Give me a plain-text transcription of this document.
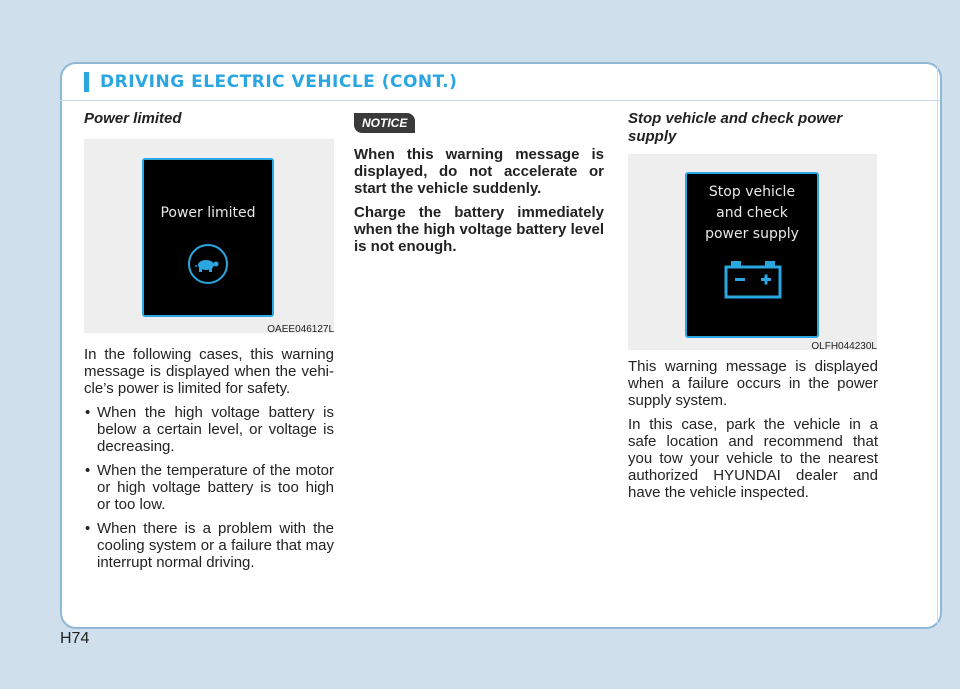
DRIVING ELECTRIC VEHICLE (CONT.)
Power limited
Power limited
OAEE046127L

In the following cases, this warning message is displayed when the vehi-cle’s power is limited for safety.

• When the high voltage battery is below a certain level, or voltage is decreasing.
• When the temperature of the motor or high voltage battery is too high or too low.
• When there is a problem with the cooling system or a failure that may interrupt normal driving.
NOTICE

When this warning message is displayed, do not accelerate or start the vehicle suddenly.

Charge the battery immediately when the high voltage battery level is not enough.

Stop vehicle and check power supply
Stop vehicle
and check
power supply
OLFH044230L

This warning message is displayed when a failure occurs in the power supply system.

In this case, park the vehicle in a safe location and recommend that you tow your vehicle to the nearest authorized HYUNDAI dealer and have the vehicle inspected.

H74
